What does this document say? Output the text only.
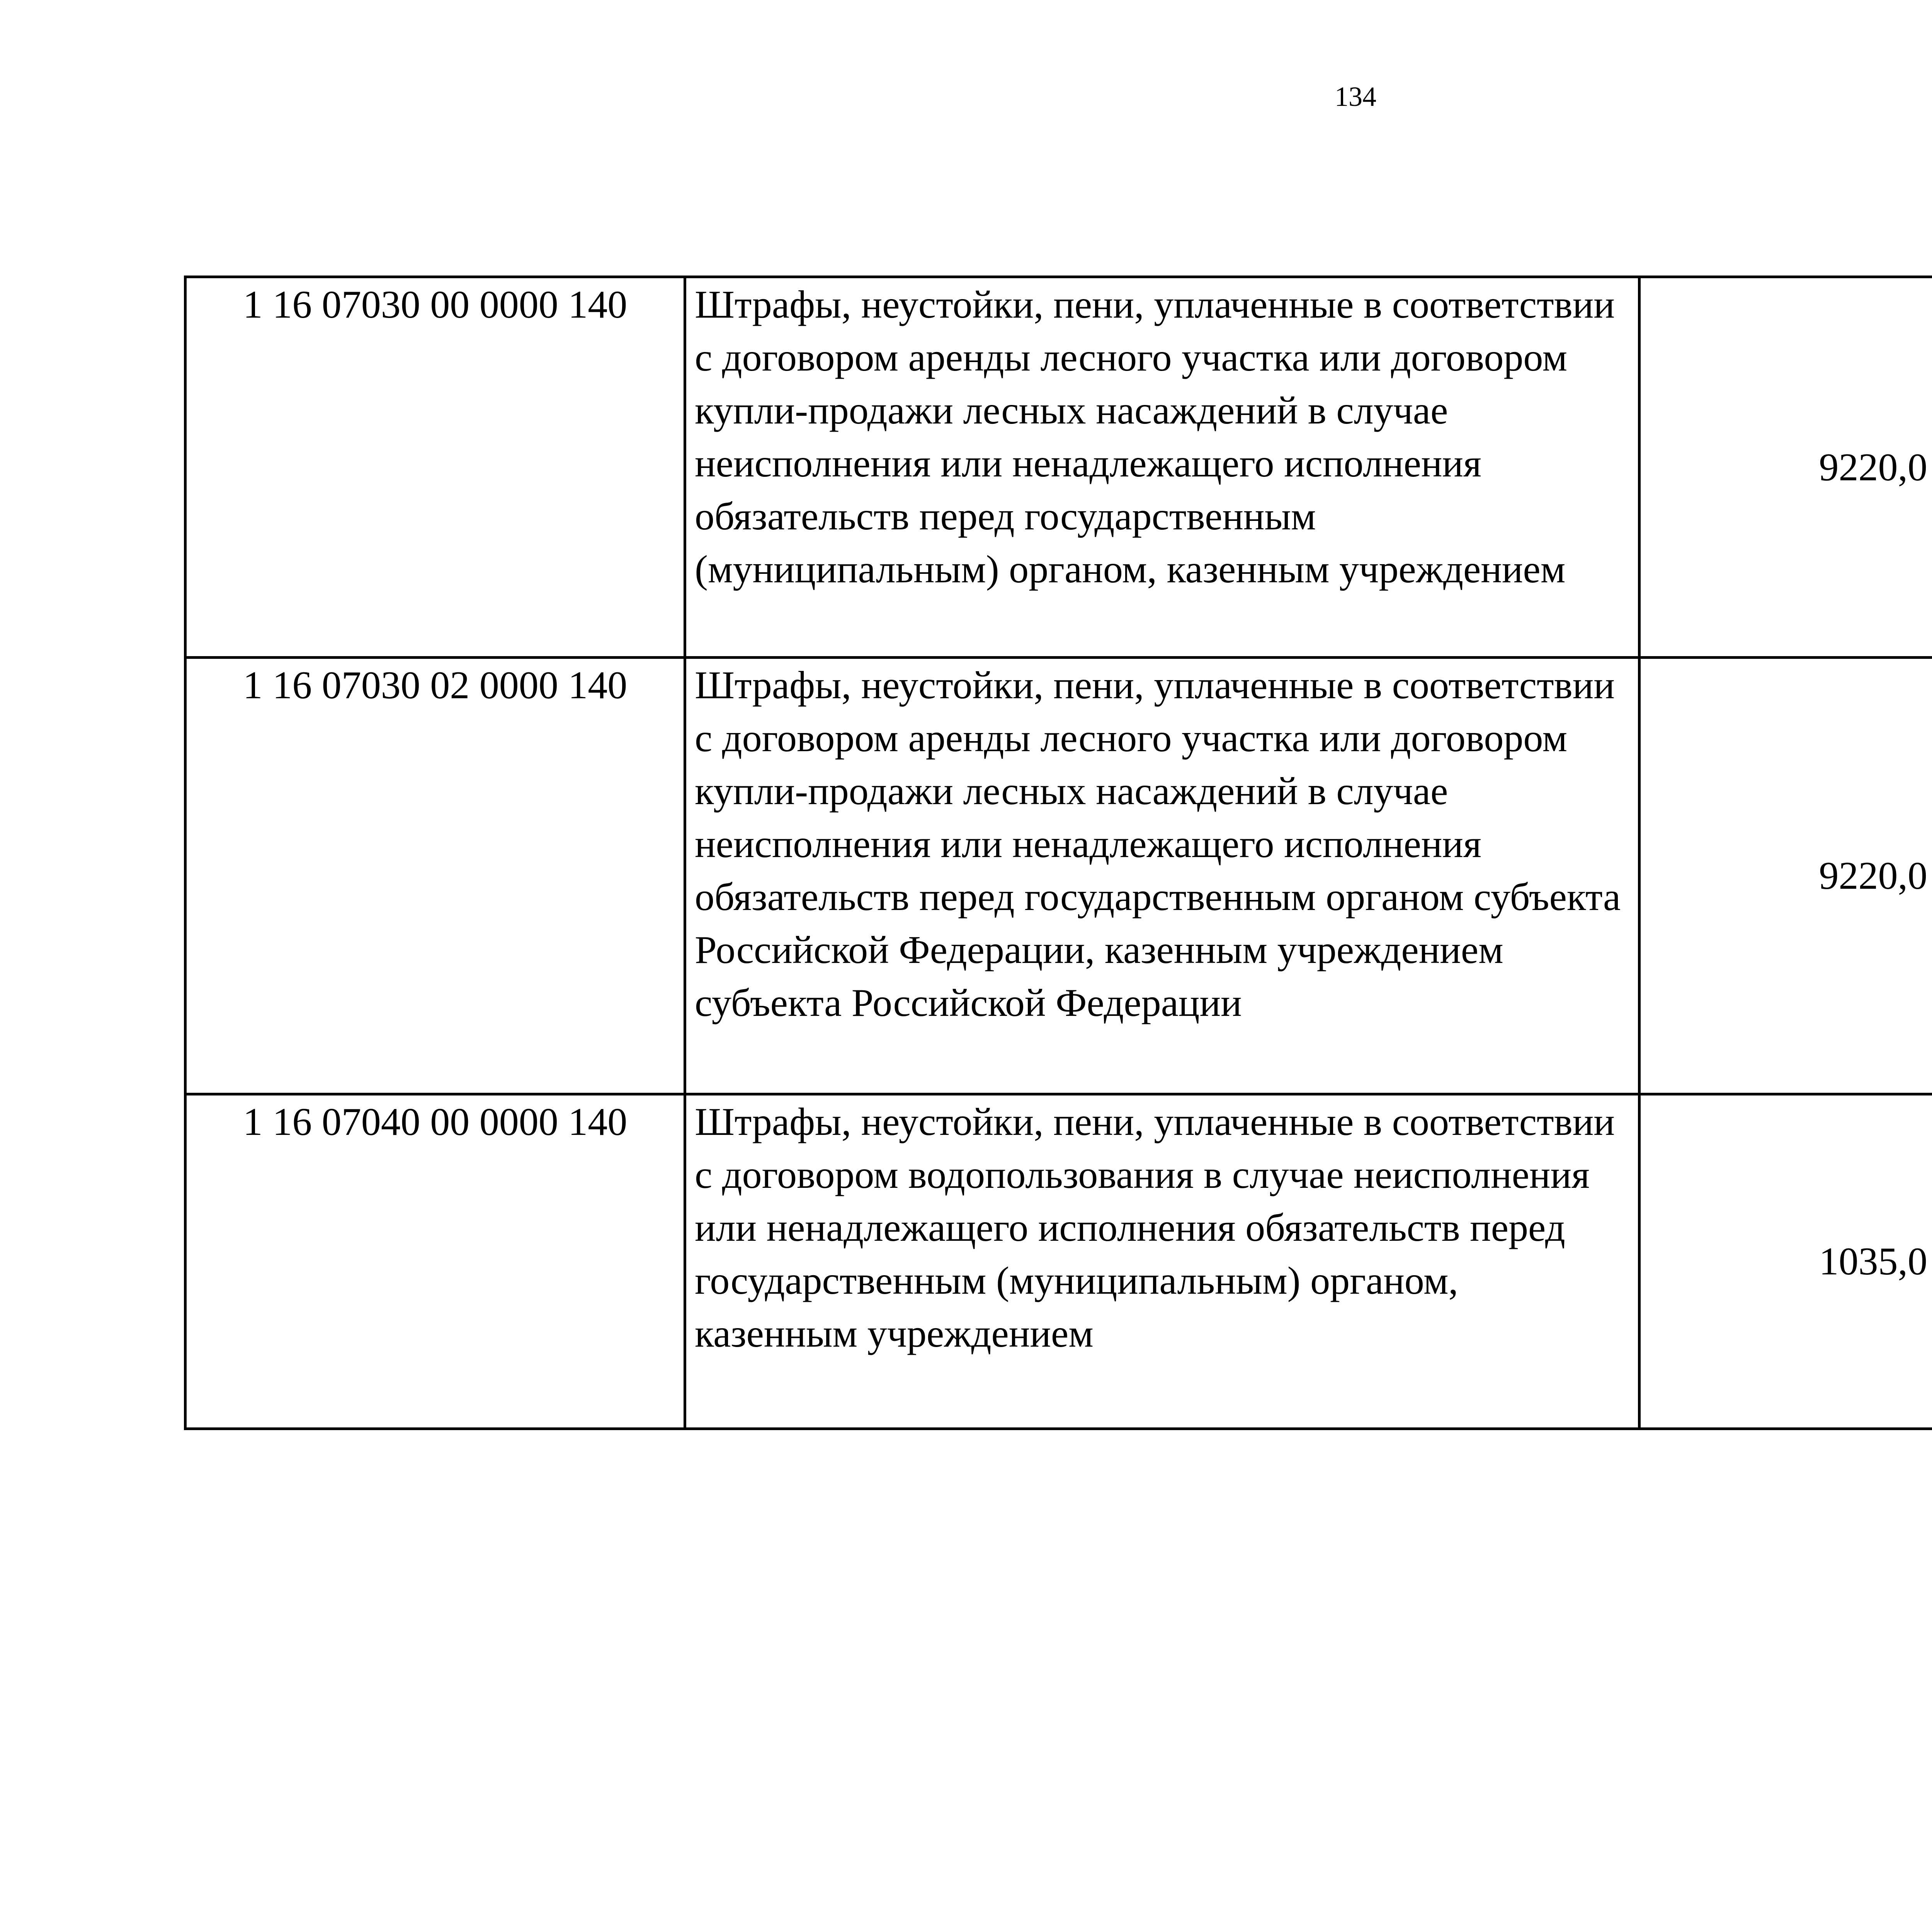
134
1 16 07030 00 0000 140	Штрафы, неустойки, пени, уплаченные в соответствии с договором аренды лесного участка или договором купли-продажи лесных насаждений в случае неисполнения или ненадлежащего исполнения обязательств перед государственным (муниципальным) органом, казенным учреждением	9220,0		
1 16 07030 02 0000 140	Штрафы, неустойки, пени, уплаченные в соответствии с договором аренды лесного участка или договором купли-продажи лесных насаждений в случае неисполнения или ненадлежащего исполнения обязательств перед государственным органом субъекта Российской Федерации, казенным учреждением субъекта Российской Федерации	9220,0		
1 16 07040 00 0000 140	Штрафы, неустойки, пени, уплаченные в соответствии с договором водопользования в случае неисполнения или ненадлежащего исполнения обязательств перед государственным (муниципальным) органом, казенным учреждением	1035,0		
